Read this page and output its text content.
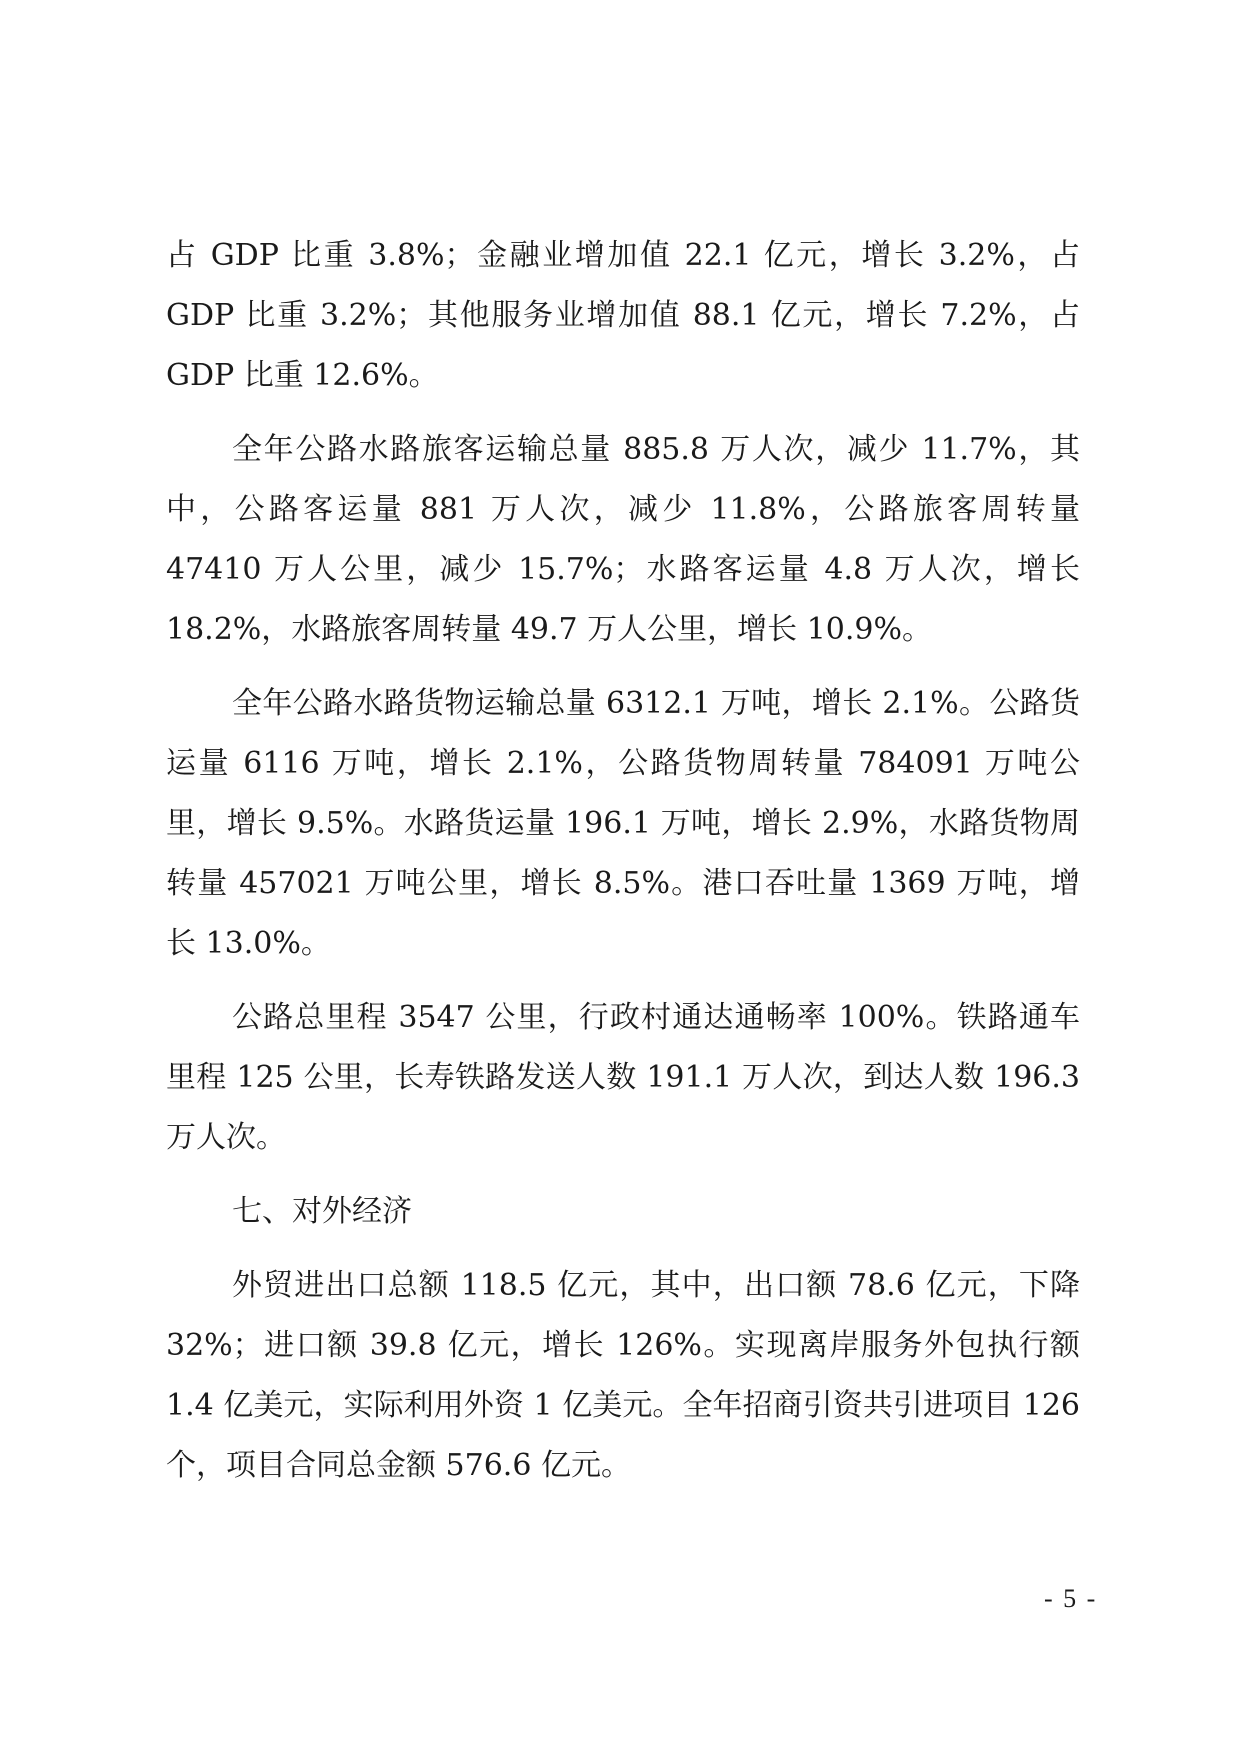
占 GDP 比重 3.8%；金融业增加值 22.1 亿元，增长 3.2%，占 GDP 比重 3.2%；其他服务业增加值 88.1 亿元，增长 7.2%，占 GDP 比重 12.6%。

全年公路水路旅客运输总量 885.8 万人次，减少 11.7%，其中，公路客运量 881 万人次，减少 11.8%，公路旅客周转量 47410 万人公里，减少 15.7%；水路客运量 4.8 万人次，增长 18.2%，水路旅客周转量 49.7 万人公里，增长 10.9%。

全年公路水路货物运输总量 6312.1 万吨，增长 2.1%。公路货运量 6116 万吨，增长 2.1%，公路货物周转量 784091 万吨公里，增长 9.5%。水路货运量 196.1 万吨，增长 2.9%，水路货物周转量 457021 万吨公里，增长 8.5%。港口吞吐量 1369 万吨，增长 13.0%。

公路总里程 3547 公里，行政村通达通畅率 100%。铁路通车里程 125 公里，长寿铁路发送人数 191.1 万人次，到达人数 196.3 万人次。

七、对外经济

外贸进出口总额 118.5 亿元，其中，出口额 78.6 亿元，下降 32%；进口额 39.8 亿元，增长 126%。实现离岸服务外包执行额 1.4 亿美元，实际利用外资 1 亿美元。全年招商引资共引进项目 126 个，项目合同总金额 576.6 亿元。

- 5 -
